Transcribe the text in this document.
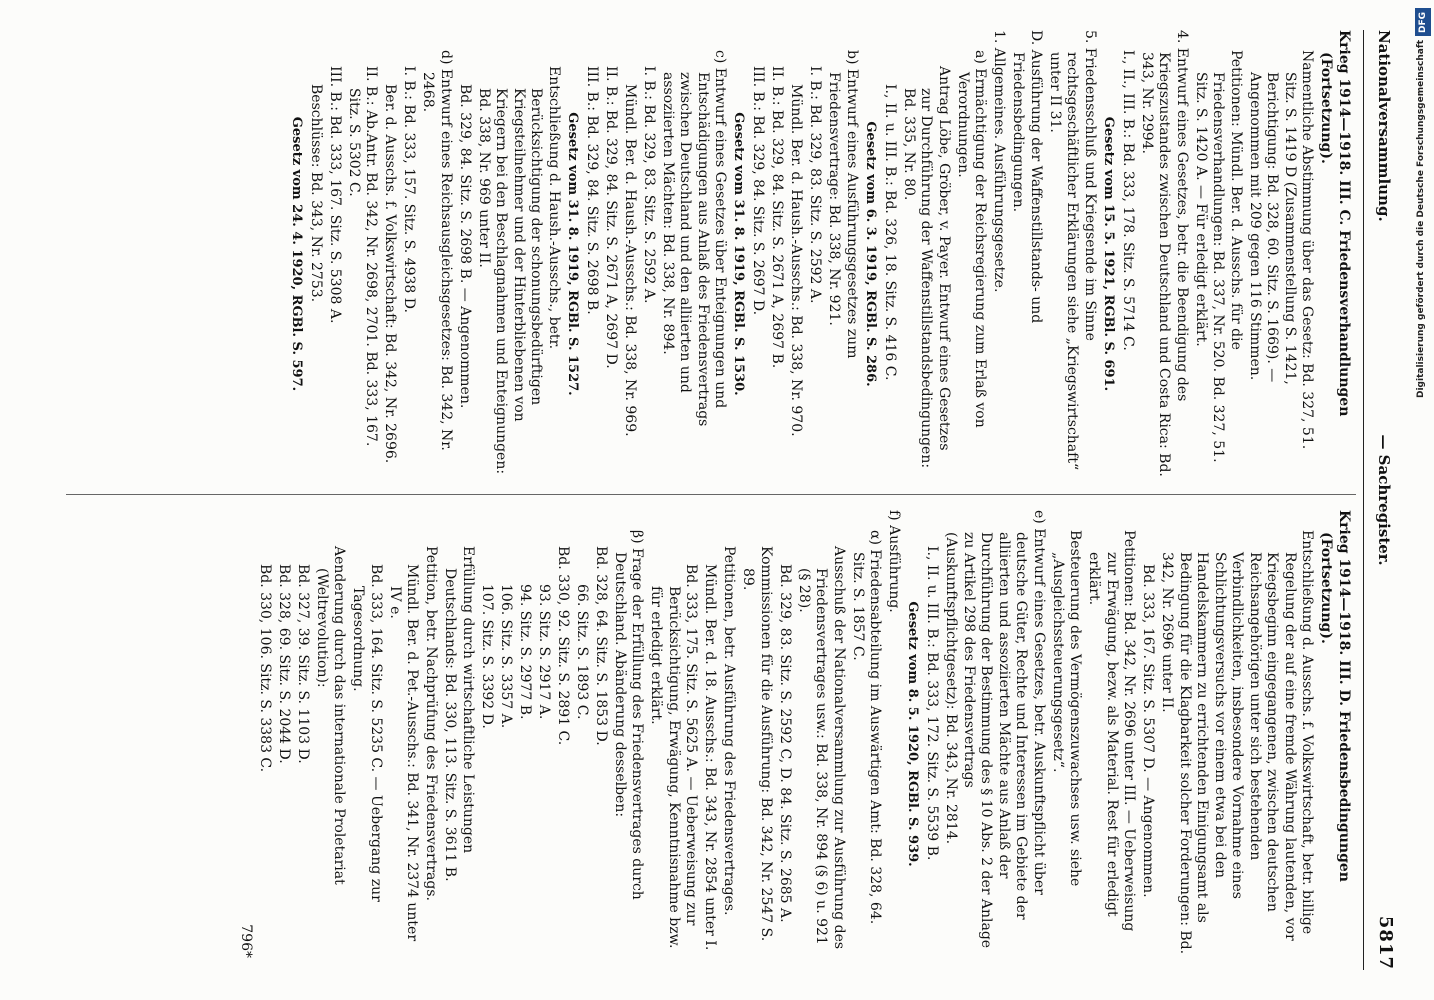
Nationalversammlung.
— Sachregister.
5817
Krieg 1914—1918. III. C. Friedensverhandlungen (Fortsetzung).
Namentliche Abstimmung über das Gesetz: Bd. 327, 51. Sitz. S. 1419 D (Zusammenstellung S. 1421, Berichtigung: Bd. 328, 60. Sitz. S. 1669). — Angenommen mit 209 gegen 116 Stimmen.
Petitionen: Mündl. Ber. d. Ausschs. für die Friedensverhandlungen: Bd. 337, Nr. 520. Bd. 327, 51. Sitz. S. 1420 A. — Für erledigt erklärt.
4. Entwurf eines Gesetzes, betr. die Beendigung des Kriegszustandes zwischen Deutschland und Costa Rica: Bd. 343, Nr. 2994.
I., II., III. B.: Bd. 333, 178. Sitz. S. 5714 C.
Gesetz vom 15. 5. 1921, RGBl. S. 691.
5. Friedensschluß und Kriegsende im Sinne rechtsgeschäftlicher Erklärungen siehe „Kriegswirtschaft“ unter II 31.
D. Ausführung der Waffenstillstands- und Friedensbedingungen.
1. Allgemeines. Ausführungsgesetze.
a) Ermächtigung der Reichsregierung zum Erlaß von Verordnungen.
Antrag Löbe, Gröber, v. Payer. Entwurf eines Gesetzes zur Durchführung der Waffenstillstandsbedingungen: Bd. 335, Nr. 80.
I., II. u. III. B.: Bd. 326, 18. Sitz. S. 416 C.
Gesetz vom 6. 3. 1919, RGBl. S. 286.
b) Entwurf eines Ausführungsgesetzes zum Friedensvertrage: Bd. 338, Nr. 921.
I. B.: Bd. 329, 83. Sitz. S. 2592 A.
Mündl. Ber. d. Haush.-Ausschs.: Bd. 338, Nr. 970.
II. B.: Bd. 329, 84. Sitz. S. 2671 A, 2697 B.
III. B.: Bd. 329, 84. Sitz. S. 2697 D.
Gesetz vom 31. 8. 1919, RGBl. S. 1530.
c) Entwurf eines Gesetzes über Enteignungen und Entschädigungen aus Anlaß des Friedensvertrags zwischen Deutschland und den alliierten und assoziierten Mächten: Bd. 338, Nr. 894.
I. B.: Bd. 329, 83. Sitz. S. 2592 A.
Mündl. Ber. d. Haush.-Ausschs.: Bd. 338, Nr. 969.
II. B.: Bd. 329, 84. Sitz. S. 2671 A, 2697 D.
III. B.: Bd. 329, 84. Sitz. S. 2698 B.
Gesetz vom 31. 8. 1919, RGBl. S. 1527.
Entschließung d. Haush.-Ausschs., betr. Berücksichtigung der schonungsbedürftigen Kriegsteilnehmer und der Hinterbliebenen von Kriegern bei den Beschlagnahmen und Enteignungen: Bd. 338, Nr. 969 unter II.
Bd. 329, 84. Sitz. S. 2698 B. — Angenommen.
d) Entwurf eines Reichsausgleichsgesetzes: Bd. 342, Nr. 2468.
I. B.: Bd. 333, 157. Sitz. S. 4938 D.
Ber. d. Ausschs. f. Volkswirtschaft: Bd. 342, Nr. 2696.
II. B.: Ab.Antr. Bd. 342, Nr. 2698, 2701. Bd. 333, 167. Sitz. S. 5302 C.
III. B.: Bd. 333, 167. Sitz. S. 5308 A.
Beschlüsse: Bd. 343, Nr. 2753.
Gesetz vom 24. 4. 1920, RGBl. S. 597.
Krieg 1914—1918. III. D. Friedensbedingungen (Fortsetzung).
Entschließung d. Ausschs. f. Volkswirtschaft, betr. billige Regelung der auf eine fremde Währung lautenden, vor Kriegsbeginn eingegangenen, zwischen deutschen Reichsangehörigen unter sich bestehenden Verbindlichkeiten, insbesondere Vornahme eines Schlichtungsversuchs vor einem etwa bei den Handelskammern zu errichtenden Einigungsamt als Bedingung für die Klagbarkeit solcher Forderungen: Bd. 342, Nr. 2696 unter II.
Bd. 333, 167. Sitz. S. 5307 D. — Angenommen.
Petitionen: Bd. 342, Nr. 2696 unter III. — Ueberweisung zur Erwägung, bezw. als Material. Rest für erledigt erklärt.
Besteuerung des Vermögenszuwachses usw. siehe „Ausgleichssteuerungsgesetz“.
e) Entwurf eines Gesetzes, betr. Auskunftspflicht über deutsche Güter, Rechte und Interessen im Gebiete der alliierten und assoziierten Mächte aus Anlaß der Durchführung der Bestimmung des § 10 Abs. 2 der Anlage zu Artikel 298 des Friedensvertrags (Auskunftspflichtgesetz): Bd. 343, Nr. 2814.
I., II. u. III. B.: Bd. 333, 172. Sitz. S. 5539 B.
Gesetz vom 8. 5. 1920, RGBl. S. 939.
f) Ausführung.
α) Friedensabteilung im Auswärtigen Amt: Bd. 328, 64. Sitz. S. 1857 C.
Ausschuß der Nationalversammlung zur Ausführung des Friedensvertrages usw.: Bd. 338, Nr. 894 (§ 6) u. 921 (§ 28).
Bd. 329, 83. Sitz. S. 2592 C, D. 84. Sitz. S. 2685 A.
Kommissionen für die Ausführung: Bd. 342, Nr. 2547 S. 89.
Petitionen, betr. Ausführung des Friedensvertrages.
Mündl. Ber. d. 18. Ausschs.: Bd. 343, Nr. 2854 unter I.
Bd. 333, 175. Sitz. S. 5625 A. — Ueberweisung zur Berücksichtigung, Erwägung, Kenntnisnahme bzw. für erledigt erklärt.
β) Frage der Erfüllung des Friedensvertrages durch Deutschland. Abänderung desselben:
Bd. 328, 64. Sitz. S. 1853 D.
66. Sitz. S. 1893 C.
Bd. 330, 92. Sitz. S. 2891 C.
93. Sitz. S. 2917 A.
94. Sitz. S. 2977 B.
106. Sitz. S. 3357 A.
107. Sitz. S. 3392 D.
Erfüllung durch wirtschaftliche Leistungen Deutschlands: Bd. 330, 113. Sitz. S. 3611 B.
Petition, betr. Nachprüfung des Friedensvertrags.
Mündl. Ber. d. Pet.-Ausschs.: Bd. 341, Nr. 2374 unter IV e.
Bd. 333, 164. Sitz. S. 5235 C. — Uebergang zur Tagesordnung.
Aenderung durch das internationale Proletariat (Weltrevolution):
Bd. 327, 39. Sitz. S. 1103 D.
Bd. 328, 69. Sitz. S. 2044 D.
Bd. 330, 106. Sitz. S. 3383 C.
796*
DFG
Digitalisierung gefördert durch die Deutsche Forschungsgemeinschaft
